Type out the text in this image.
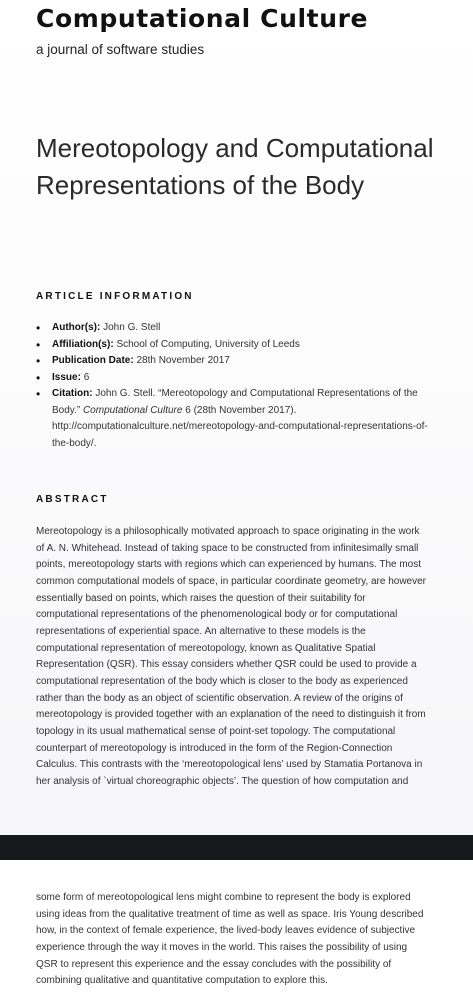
Computational Culture
a journal of software studies
Mereotopology and Computational Representations of the Body
ARTICLE INFORMATION
• Author(s): John G. Stell
• Affiliation(s): School of Computing, University of Leeds
• Publication Date: 28th November 2017
• Issue: 6
• Citation: John G. Stell. “Mereotopology and Computational Representations of the Body.” Computational Culture 6 (28th November 2017). http://computationalculture.net/mereotopology-and-computational-representations-of-the-body/.
ABSTRACT

Mereotopology is a philosophically motivated approach to space originating in the work of A. N. Whitehead. Instead of taking space to be constructed from infinitesimally small points, mereotopology starts with regions which can experienced by humans. The most common computational models of space, in particular coordinate geometry, are however essentially based on points, which raises the question of their suitability for computational representations of the phenomenological body or for computational representations of experiential space. An alternative to these models is the computational representation of mereotopology, known as Qualitative Spatial Representation (QSR). This essay considers whether QSR could be used to provide a computational representation of the body which is closer to the body as experienced rather than the body as an object of scientific observation. A review of the origins of mereotopology is provided together with an explanation of the need to distinguish it from topology in its usual mathematical sense of point-set topology. The computational counterpart of mereotopology is introduced in the form of the Region-Connection Calculus. This contrasts with the ‘mereotopological lens’ used by Stamatia Portanova in her analysis of `virtual choreographic objects’. The question of how computation and

some form of mereotopological lens might combine to represent the body is explored using ideas from the qualitative treatment of time as well as space. Iris Young described how, in the context of female experience, the lived-body leaves evidence of subjective experience through the way it moves in the world. This raises the possibility of using QSR to represent this experience and the essay concludes with the possibility of combining qualitative and quantitative computation to explore this.
